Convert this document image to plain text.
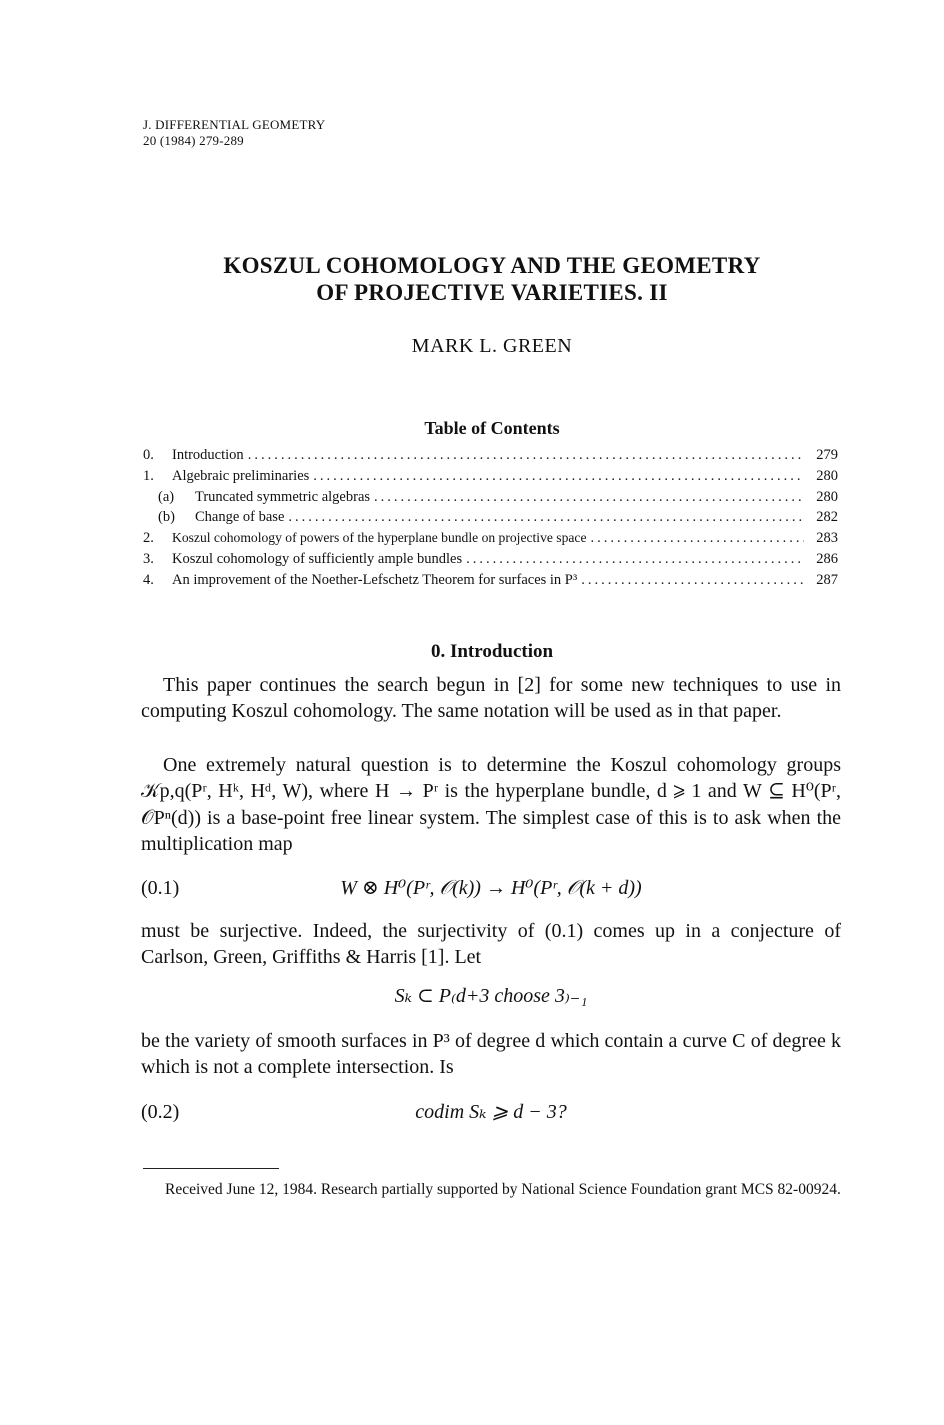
J. DIFFERENTIAL GEOMETRY
20 (1984) 279-289
KOSZUL COHOMOLOGY AND THE GEOMETRY
OF PROJECTIVE VARIETIES. II
MARK L. GREEN
Table of Contents
0.	Introduction .....	279
1.	Algebraic preliminaries .....	280
(a)	Truncated symmetric algebras .....	280
(b)	Change of base .....	282
2.	Koszul cohomology of powers of the hyperplane bundle on projective space .....	283
3.	Koszul cohomology of sufficiently ample bundles .....	286
4.	An improvement of the Noether-Lefschetz Theorem for surfaces in P³ .....	287
0. Introduction

This paper continues the search begun in [2] for some new techniques to use in computing Koszul cohomology. The same notation will be used as in that paper.

One extremely natural question is to determine the Koszul cohomology groups 𝒦p,q(Pʳ, Hᵏ, Hᵈ, W), where H → Pʳ is the hyperplane bundle, d ⩾ 1 and W ⊆ H⁰(Pʳ, 𝒪Pⁿ(d)) is a base-point free linear system. The simplest case of this is to ask when the multiplication map

(0.1)	W ⊗ H⁰(Pʳ, 𝒪(k)) → H⁰(Pʳ, 𝒪(k + d))

must be surjective. Indeed, the surjectivity of (0.1) comes up in a conjecture of Carlson, Green, Griffiths & Harris [1]. Let

Sₖ ⊂ P₍d+3 choose 3₎₋₁

be the variety of smooth surfaces in P³ of degree d which contain a curve C of degree k which is not a complete intersection. Is

(0.2)	codim Sₖ ⩾ d − 3?
Received June 12, 1984. Research partially supported by National Science Foundation grant MCS 82-00924.
